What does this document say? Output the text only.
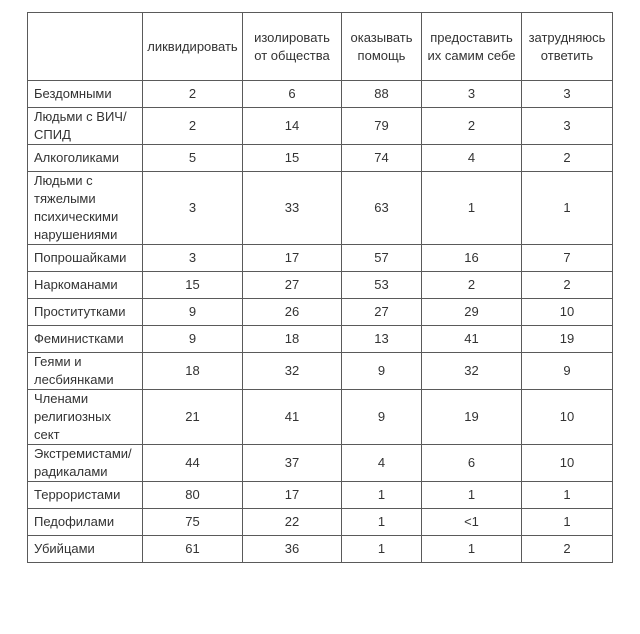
	ликвидировать	изолировать от общества	оказывать помощь	предоставить их самим себе	затрудняюсь ответить
Бездомными	2	6	88	3	3
Людьми с ВИЧ/СПИД	2	14	79	2	3
Алкоголиками	5	15	74	4	2
Людьми с тяжелыми психическими нарушениями	3	33	63	1	1
Попрошайками	3	17	57	16	7
Наркоманами	15	27	53	2	2
Проститутками	9	26	27	29	10
Феминистками	9	18	13	41	19
Геями и лесбиянками	18	32	9	32	9
Членами религиозных сект	21	41	9	19	10
Экстремистами/ радикалами	44	37	4	6	10
Террористами	80	17	1	1	1
Педофилами	75	22	1	<1	1
Убийцами	61	36	1	1	2
